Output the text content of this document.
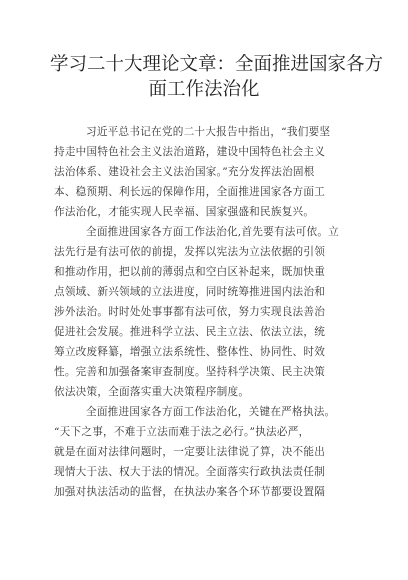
学习二十大理论文章：全面推进国家各方
面工作法治化
习近平总书记在党的二十大报告中指出，“我们要坚
持走中国特色社会主义法治道路，建设中国特色社会主义
法治体系、建设社会主义法治国家。”充分发挥法治固根
本、稳预期、利长远的保障作用，全面推进国家各方面工
作法治化，才能实现人民幸福、国家强盛和民族复兴。
全面推进国家各方面工作法治化,首先要有法可依。立
法先行是有法可依的前提，发挥以宪法为立法依据的引领
和推动作用，把以前的薄弱点和空白区补起来，既加快重
点领域、新兴领域的立法进度，同时统筹推进国内法治和
涉外法治。时时处处事事都有法可依，努力实现良法善治
促进社会发展。推进科学立法、民主立法、依法立法，统
筹立改废释纂，增强立法系统性、整体性、协同性、时效
性。完善和加强备案审查制度。坚持科学决策、民主决策
依法决策，全面落实重大决策程序制度。
全面推进国家各方面工作法治化，关键在严格执法。
“天下之事，不难于立法而难于法之必行。”执法必严，
就是在面对法律问题时，一定要让法律说了算，决不能出
现情大于法、权大于法的情况。全面落实行政执法责任制
加强对执法活动的监督，在执法办案各个环节都要设置隔
